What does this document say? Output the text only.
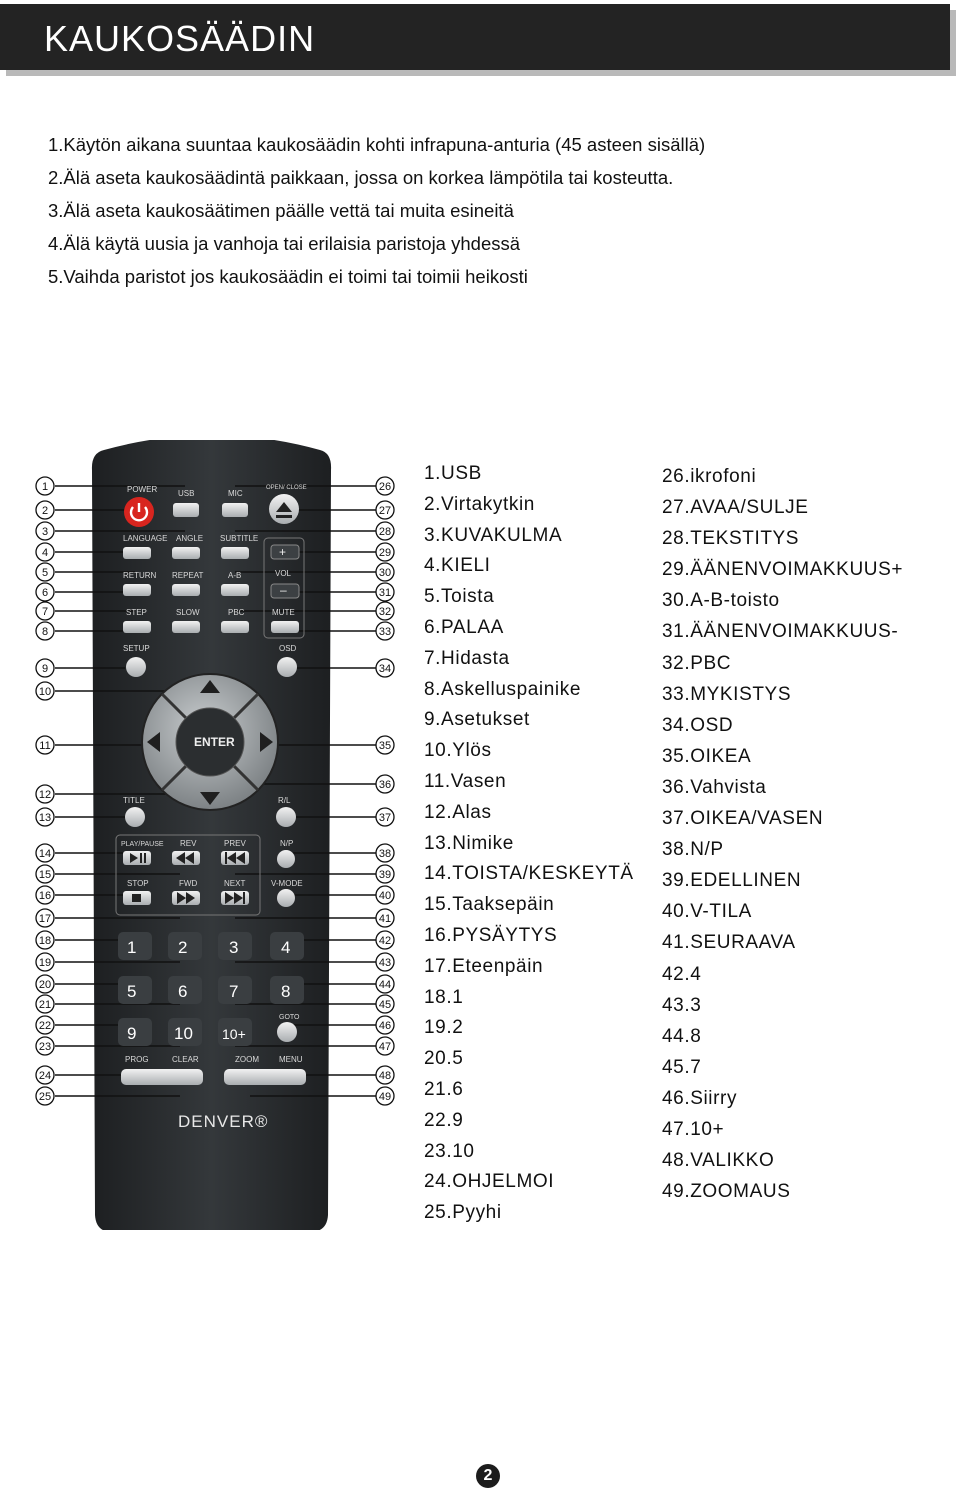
KAUKOSÄÄDIN
1.Käytön aikana suuntaa kaukosäädin kohti infrapuna-anturia (45 asteen sisällä)
2.Älä aseta kaukosäädintä paikkaan, jossa on korkea lämpötila tai kosteutta.
3.Älä aseta kaukosäätimen päälle vettä tai muita esineitä
4.Älä käytä uusia ja vanhoja tai erilaisia paristoja yhdessä
5.Vaihda paristot jos kaukosäädin ei toimi tai toimii heikosti
1
2
3
4
5
6
7
8
9
10
11
12
13
14
15
16
17
18
19
20
21
22
23
24
25
26
27
28
29
30
31
32
33
34
35
36
37
38
39
40
41
42
43
44
45
46
47
48
49
POWER	USB	MIC
OPEN/ CLOSE
LANGUAGE ANGLE SUBTITLE
+
VOL
–
RETURN REPEAT	A-B
STEP	SLOW	PBC	MUTE
SETUP	OSD
ENTER
TITLE	R/L
PLAY/PAUSE REV	PREV	N/P
STOP	FWD	NEXT	V-MODE
1 2 3	4
5 6 7	8
9 10 10+
GOTO
PROG	CLEAR	ZOOM	MENU
DENVER®
1.USB
2.Virtakytkin
3.KUVAKULMA
4.KIELI
5.Toista
6.PALAA
7.Hidasta
8.Askelluspainike
9.Asetukset
10.Ylös
11.Vasen
12.Alas
13.Nimike
14.TOISTA/KESKEYTÄ
15.Taaksepäin
16.PYSÄYTYS
17.Eteenpäin
18.1
19.2
20.5
21.6
22.9
23.10
24.OHJELMOI
25.Pyyhi
26.ikrofoni
27.AVAA/SULJE
28.TEKSTITYS
29.ÄÄNENVOIMAKKUUS+
30.A-B-toisto
31.ÄÄNENVOIMAKKUUS-
32.PBC
33.MYKISTYS
34.OSD
35.OIKEA
36.Vahvista
37.OIKEA/VASEN
38.N/P
39.EDELLINEN
40.V-TILA
41.SEURAAVA
42.4
43.3
44.8
45.7
46.Siirry
47.10+
48.VALIKKO
49.ZOOMAUS
2
